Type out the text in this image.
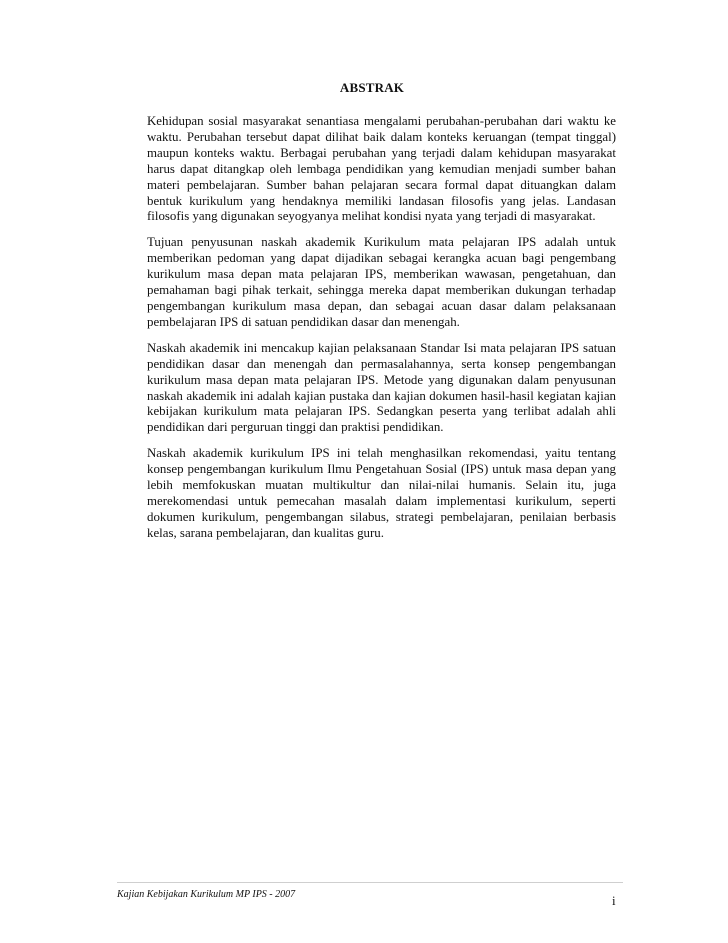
ABSTRAK

Kehidupan sosial masyarakat senantiasa mengalami perubahan-perubahan dari waktu ke waktu. Perubahan tersebut dapat dilihat baik dalam konteks keruangan (tempat tinggal) maupun konteks waktu. Berbagai perubahan yang terjadi dalam kehidupan masyarakat harus dapat ditangkap oleh lembaga pendidikan yang kemudian menjadi sumber bahan materi pembelajaran. Sumber bahan pelajaran secara formal dapat dituangkan dalam bentuk kurikulum yang hendaknya memiliki landasan filosofis yang jelas. Landasan filosofis yang digunakan seyogyanya melihat kondisi nyata yang terjadi di masyarakat.

Tujuan penyusunan naskah akademik Kurikulum mata pelajaran IPS adalah untuk memberikan pedoman yang dapat dijadikan sebagai kerangka acuan bagi pengembang kurikulum masa depan mata pelajaran IPS, memberikan wawasan, pengetahuan, dan pemahaman bagi pihak terkait, sehingga mereka dapat memberikan dukungan terhadap pengembangan kurikulum masa depan, dan sebagai acuan dasar dalam pelaksanaan pembelajaran IPS di satuan pendidikan dasar dan menengah.

Naskah akademik ini mencakup kajian pelaksanaan Standar Isi mata pelajaran IPS satuan pendidikan dasar dan menengah dan permasalahannya, serta konsep pengembangan kurikulum masa depan mata pelajaran IPS. Metode yang digunakan dalam penyusunan naskah akademik ini adalah kajian pustaka dan kajian dokumen hasil-hasil kegiatan kajian kebijakan kurikulum mata pelajaran IPS. Sedangkan peserta yang terlibat adalah ahli pendidikan dari perguruan tinggi dan praktisi pendidikan.

Naskah akademik kurikulum IPS ini telah menghasilkan rekomendasi, yaitu tentang konsep pengembangan kurikulum Ilmu Pengetahuan Sosial (IPS) untuk masa depan yang lebih memfokuskan muatan multikultur dan nilai-nilai humanis. Selain itu, juga merekomendasi untuk pemecahan masalah dalam implementasi kurikulum, seperti dokumen kurikulum, pengembangan silabus, strategi pembelajaran, penilaian berbasis kelas, sarana pembelajaran, dan kualitas guru.

Kajian Kebijakan Kurikulum MP IPS - 2007	i
